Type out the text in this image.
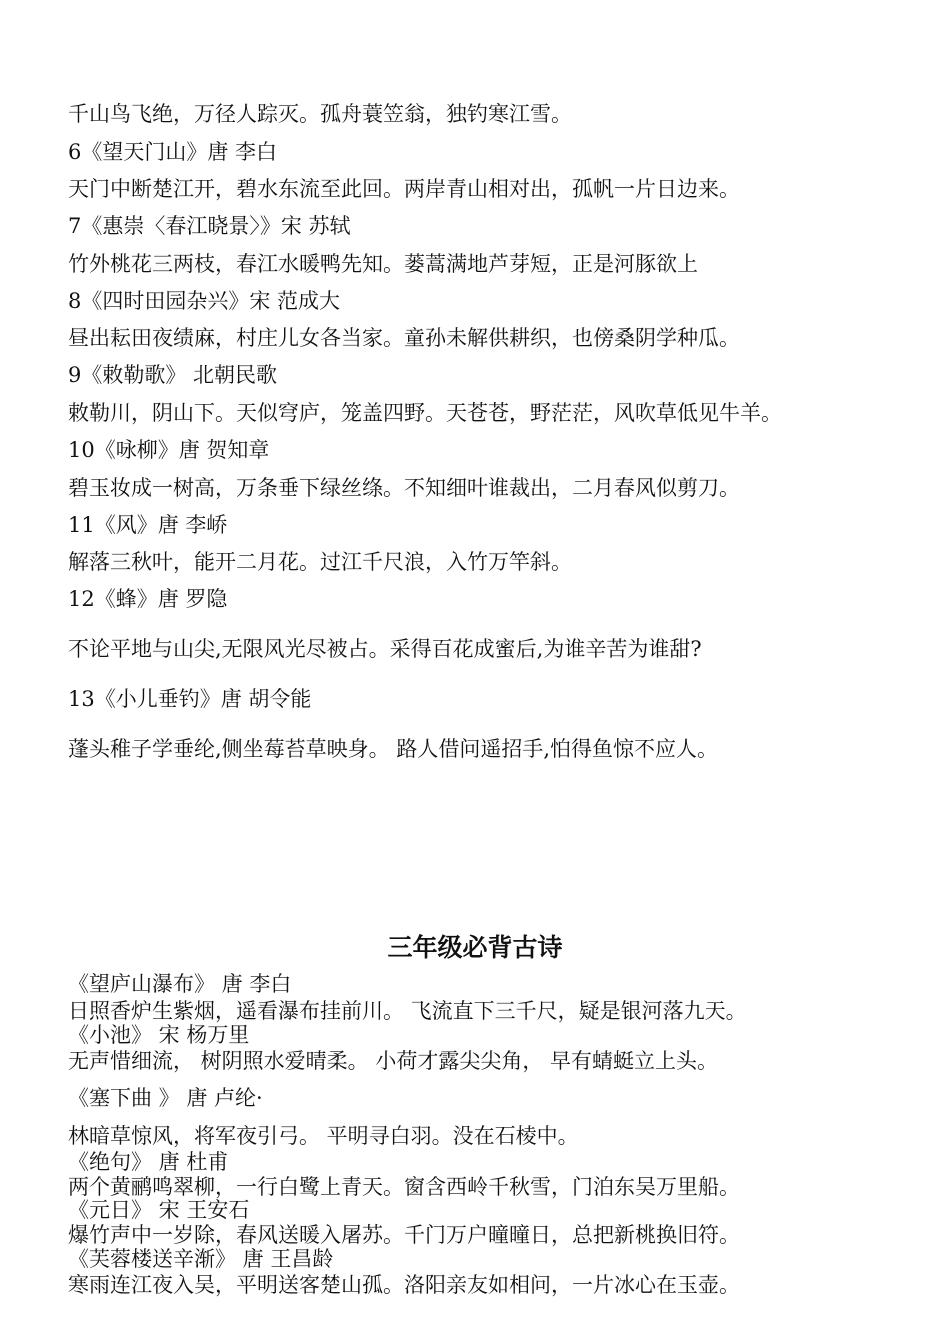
千山鸟飞绝，万径人踪灭。孤舟蓑笠翁，独钓寒江雪。
6《望天门山》唐 李白
天门中断楚江开，碧水东流至此回。两岸青山相对出，孤帆一片日边来。
7《惠崇〈春江晓景〉》宋 苏轼
竹外桃花三两枝，春江水暖鸭先知。蒌蒿满地芦芽短，正是河豚欲上
8《四时田园杂兴》宋 范成大
昼出耘田夜绩麻，村庄儿女各当家。童孙未解供耕织，也傍桑阴学种瓜。
9《敕勒歌》 北朝民歌
敕勒川，阴山下。天似穹庐，笼盖四野。天苍苍，野茫茫，风吹草低见牛羊。
10《咏柳》唐 贺知章
碧玉妆成一树高，万条垂下绿丝绦。不知细叶谁裁出，二月春风似剪刀。
11《风》唐 李峤
解落三秋叶，能开二月花。过江千尺浪，入竹万竿斜。
12《蜂》唐 罗隐
不论平地与山尖,无限风光尽被占。采得百花成蜜后,为谁辛苦为谁甜?
13《小儿垂钓》唐 胡令能
蓬头稚子学垂纶,侧坐莓苔草映身。 路人借问遥招手,怕得鱼惊不应人。
三年级必背古诗
《望庐山瀑布》 唐 李白
日照香炉生紫烟，遥看瀑布挂前川。 飞流直下三千尺，疑是银河落九天。
《小池》 宋 杨万里
无声惜细流， 树阴照水爱晴柔。 小荷才露尖尖角， 早有蜻蜓立上头。
《塞下曲 》 唐 卢纶·
林暗草惊风，将军夜引弓。 平明寻白羽。没在石棱中。
《绝句》 唐 杜甫
两个黄鹂鸣翠柳，一行白鹭上青天。窗含西岭千秋雪，门泊东吴万里船。
《元日》 宋 王安石
爆竹声中一岁除，春风送暖入屠苏。千门万户曈曈日，总把新桃换旧符。
《芙蓉楼送辛渐》 唐 王昌龄
寒雨连江夜入吴，平明送客楚山孤。洛阳亲友如相问，一片冰心在玉壶。
